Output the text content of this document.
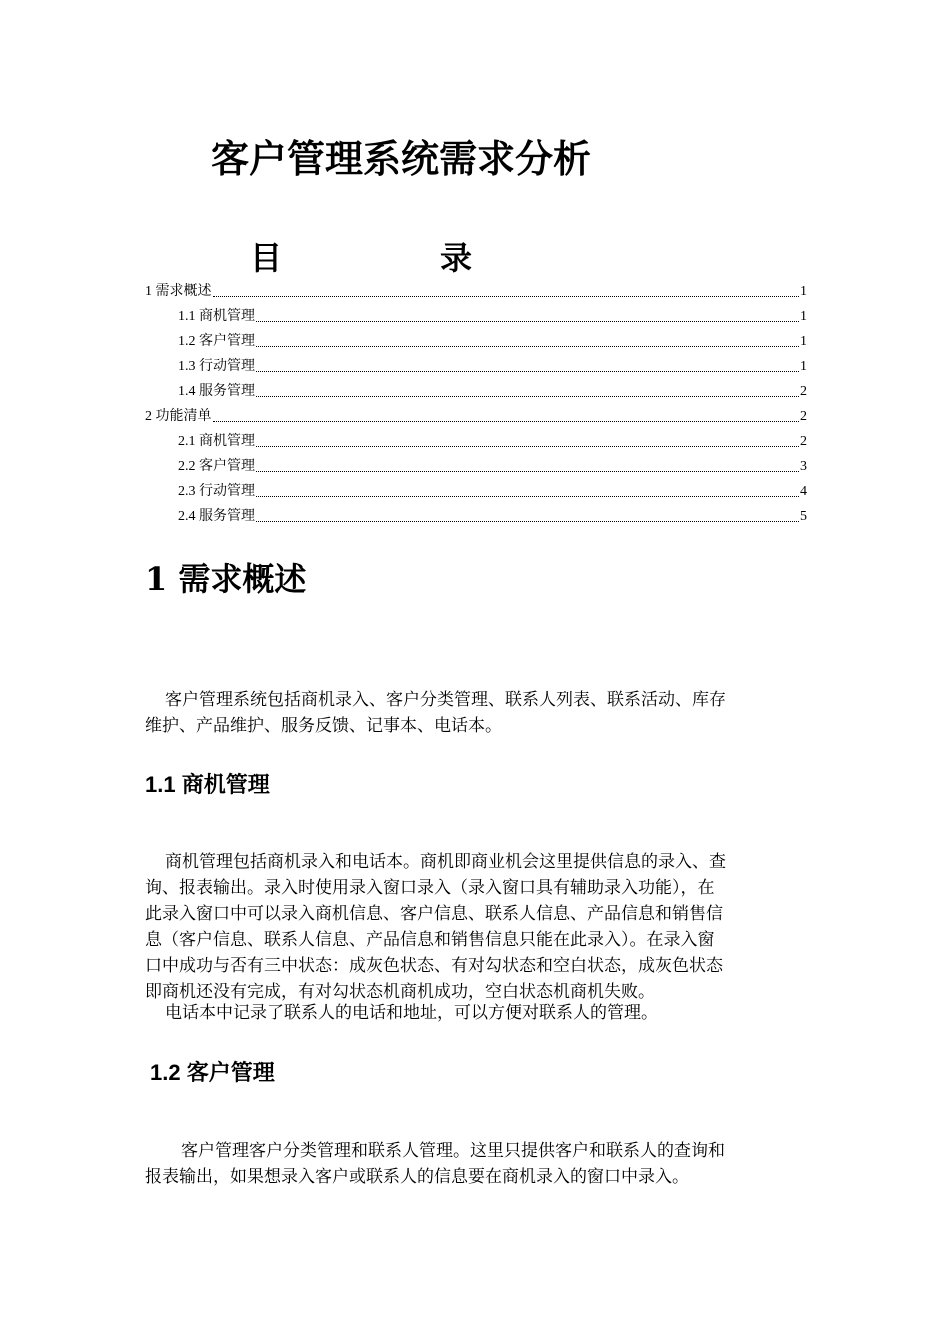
客户管理系统需求分析
目	录
1 需求概述	1
1.1 商机管理	1
1.2 客户管理	1
1.3 行动管理	1
1.4 服务管理	2
2 功能清单	2
2.1 商机管理	2
2.2 客户管理	3
2.3 行动管理	4
2.4 服务管理	5
1 需求概述
客户管理系统包括商机录入、客户分类管理、联系人列表、联系活动、库存
维护、产品维护、服务反馈、记事本、电话本。
1.1 商机管理
商机管理包括商机录入和电话本。商机即商业机会这里提供信息的录入、查
询、报表输出。录入时使用录入窗口录入（录入窗口具有辅助录入功能），在
此录入窗口中可以录入商机信息、客户信息、联系人信息、产品信息和销售信
息（客户信息、联系人信息、产品信息和销售信息只能在此录入）。在录入窗
口中成功与否有三中状态：成灰色状态、有对勾状态和空白状态，成灰色状态
即商机还没有完成，有对勾状态机商机成功，空白状态机商机失败。
电话本中记录了联系人的电话和地址，可以方便对联系人的管理。
1.2 客户管理
客户管理客户分类管理和联系人管理。这里只提供客户和联系人的查询和
报表输出，如果想录入客户或联系人的信息要在商机录入的窗口中录入。
